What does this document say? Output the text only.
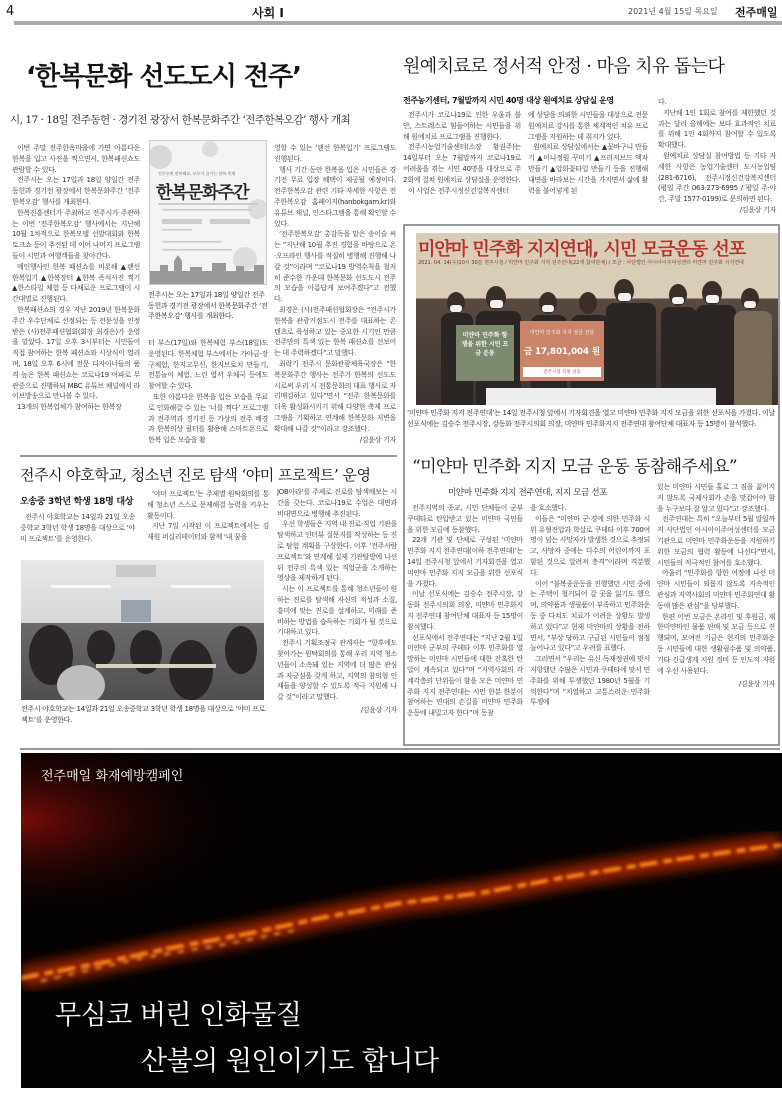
4	사회 I	2021년 4월 15일 목요일 전주매일
‘한복문화 선도도시 전주’
시, 17 · 18일 전주동헌 · 경기전 광장서 한복문화주간 ‘전주한복오감’ 행사 개최

이번 주말 전주한옥마을에 가면 아름다운 한복을 입고 사진을 찍으면서, 한복패션쇼도 관람할 수 있다.

전주시는 오는 17일과 18일 양일간 전주동헌과 경기전 광장에서 한복문화주간 ‘전주한복오감’ 행사를 개최한다.

한복진흥센터가 주최하고 전주시가 주관하는 이번 ‘전주한복오감’ 행사에서는 지난해 10월 1차적으로 한복모델 선발대회와 한복토크쇼 등이 추진된 데 이어 나머지 프로그램들이 시민과 여행객들을 찾아간다.

메인행사인 한복 패션쇼를 비롯해 ▲랜선 한복입기 ▲한복장터 ▲한복 즉석사진 찍기 ▲한스타일 체험 등 다채로운 프로그램이 시간대별로 진행된다.

한복패션쇼의 경우 지난 2019년 한복문화주간 우수단체로 선정되는 등 전문성을 인정받은 (사)전주패션협회(회장 최경은)가 운영을 맡았다. 17일 오후 3시부터는 시민들이 직접 참여하는 한복 패션쇼와 시상식이 열리며, 18일 오후 6시에 전문 디자이너들의 품격 높은 한복 패션쇼는 코로나19 여파로 무관중으로 진행하되 MBC 유튜브 채널에서 라이브방송으로 만나볼 수 있다.

13개의 한복업체가 참여하는 한복장

전주오면 한복해요, 모두가 즐기는 한복 축제
한복문화주간
전주시는 오는 17일과 18일 양일간 전주동헌과 경기전 광장에서 한복문화주간 ‘전주한복오감’ 행사를 개최한다.

터 부스(17일)와 한복체험 부스(18일)도 운영된다. 한복체험 부스에서는 가야금·장구체험, 한지고무신, 한지브로치 만들기, 전통놀이 체험, 느린 엽서 우체국 등에도 참여할 수 있다.

또한 아름다운 한복을 입은 모습을 무료로 인화해갈 수 있는 ‘너를 찍다’ 프로그램과 전주역과 경기전 등 가상의 전주 배경과 한복의상 필터를 활용해 스마트폰으로 한복 입은 모습을 촬

영할 수 있는 ‘랜선 한복입기’ 프로그램도 진행된다.

행사 기간 동안 한복을 입은 시민들은 경기전 무료 입장 혜택이 제공될 예정이다. 전주한복오감 관련 기타 자세한 사항은 전주한복오감 홈페이지(hanbokgam.kr)와 유튜브 채널, 인스타그램을 통해 확인할 수 있다.

‘전주한복오감’ 총감독을 맡은 송이슬 씨는 “지난해 10월 추진 경험을 바탕으로 온·오프라인 행사를 적절히 병행해 진행해 나갈 것”이라며 “코로나19 방역수칙을 철저히 준수한 가운데 한복문화 선도도시 전주의 모습을 아름답게 보여주겠다”고 전했다.

최경은 (사)전주패션협회장은 “전주시가 한복을 관광거점도시 전주를 대표하는 콘텐츠로 육성하고 있는 중요한 시기인 만큼 전주만의 특색 있는 한복 패션쇼를 선보이는 데 주력하겠다”고 말했다.

최락기 전주시 문화관광체육국장은 “한복문화주간 행사는 전주가 한복의 선도도시로써 우리 시 전통문화의 대표 행사로 자리매김하고 있다”면서 “전주 한복문화를 더욱 활성화시키기 위해 다양한 축제 프로그램을 기획하고 연계해 한복문화 저변을 확대해 나갈 것”이라고 강조했다.

/김윤상 기자
원예치료로 정서적 안정 · 마음 치유 돕는다
전주농기센터, 7월말까지 시민 40명 대상 원예치료 상담실 운영

전주시가 코로나19로 인한 우울과 불안, 스트레스로 힘들어하는 시민들을 위해 원예치료 프로그램을 진행한다.

전주시농업기술센터(소장 황권주)는 14일부터 오는 7월말까지 코로나19로 어려움을 겪는 시민 40명을 대상으로 주 2회에 걸쳐 원예치료 상담실을 운영한다.

이 사업은 전주시정신건강복지센터

에 상담을 의뢰한 시민들을 대상으로 전문 원예치료 강사를 통한 체계적인 치유 프로그램을 지원하는 데 취지가 있다.

원예치료 상담실에서는 ▲꽃바구니 만들기 ▲미니정원 꾸미기 ▲프리저브드 액자 만들기 ▲압화꽃타일 만들기 등을 진행해 내면을 바라보는 시간을 가지면서 삶에 활력을 불어넣게 된

다.

지난해 1인 1회로 참여를 제한했던 것과는 달리 올해에는 보다 효과적인 치료를 위해 1인 4회까지 참여할 수 있도록 확대했다.

원예치료 상담실 참여방법 등 기타 자세한 사항은 농업기술센터 도시농업팀(281-6716), 전주시정신건강복지센터(평일 주간 063-273-6995 / 평일 주·야간, 주말 1577-0199)로 문의하면 된다.

/김윤상 기자
미얀마 민주화 지지연대, 시민 모금운동 선포
2021. 04. 14(수)10시 30분 전주시청 / 미얀마 민주화 지지 전주연대(22개 참여단체) / 모금 : 사단법인 아시아이주여성센터 미얀마 민주화 지지연대
미얀마 민주화 항쟁을 위한 시민 모금 운동
미얀마 민주화 지지 성금 전달
금 17,801,004 원
전주시청 직원 일동
‘미얀마 민주화 지지 전주연대’는 14일 전주시청 앞에서 기자회견을 열고 미얀마 민주화 지지 모금을 위한 선포식을 가졌다. 이날 선포식에는 김승수 전주시장, 강동화 전주시의회 의장, 미얀마 민주화지지 전주연대 참여단체 대표자 등 15명이 참석했다.
“미얀마 민주화 지지 모금 운동 동참해주세요”
미얀마 민주화 지지 전주연대, 지지 모금 선포

전주지역의 종교, 시민 단체들이 군부 쿠데타로 탄압받고 있는 미얀마 국민들을 위한 모금에 동참했다.

22개 기관 및 단체로 구성된 ‘미얀마 민주화 지지 전주연대(이하 전주연대)’는 14일 전주시청 앞에서 기자회견을 열고 미얀마 민주화 지지 모금을 위한 선포식을 가졌다.

이날 선포식에는 김승수 전주시장, 강동화 전주시의회 의장, 미얀마 민주화지지 전주연대 참여단체 대표자 등 15명이 참석했다.

선포식에서 전주연대는 “지난 2월 1일 미얀마 군부의 쿠데타 이후 민주화를 열망하는 미얀마 시민들에 대한 잔혹한 탄압이 계속되고 있다”며 “지역사회의 각계각층의 단위들이 함을 모은 미얀마 민주화 지지 전주연대는 시민 한분 한분이 참여하는 연대의 손길을 미얀마 민주화운동에 내밀고자 한다”며 동참

을 호소했다.

이들은 “미얀마 군·경에 의한 민주화 시위 유혈진압과 학살로 쿠데타 이후 700여명이 넘는 사망자가 발생한 것으로 추정되고, 사망자 중에는 다수의 어린이까지 포함된 것으로 알려져 충격”이라며 격분했다.

이어 “불복종운동을 진행했던 시민 중에는 주택이 철거되어 갈 곳을 잃기도 했으며, 의약품과 생필품이 부족하고 민주화운동 중 다쳐도 치료가 어려운 상황도 발생하고 있다”고 현재 미얀마의 상황을 전하면서, “부상 당하고 구금된 시민들이 점점 늘어나고 있다”고 우려를 표했다.

그러면서 “우리는 유신 독재정권에 맞서 저항했던 수많은 시민과 쿠데타에 맞서 민주화를 위해 투쟁했던 1980년 5월을 기억한다”며 “치열하고 고통스러운 민주화 투쟁에

있는 미얀마 시민들 홀로 그 짐을 짊어지지 않도록 국제사회가 손을 맞잡아야 함을 누구보다 잘 알고 있다”고 강조했다.

전주연대는 특히 “오늘부터 5월 말일까지 사단법인 아시아이주여성센터를 모금기관으로 미얀마 민주화운동을 지원하기 위한 모금의 협력 활동에 나선다”면서, 시민들의 적극적인 참여를 호소했다.

아울러 “민주화를 향한 여정에 나선 미얀마 시민들이 외롭지 않도록 지속적인 관심과 지역사회의 미얀마 민주화연대 활동에 많은 관심”을 당부했다.

한편 이번 모금은 온라인 및 후원금, 재한미얀마인 물품 판매 및 모금 등으로 진행되며, 모여진 기금은 현지의 민주화운동 시민들에 대한 생활필수품 및 의약품, 기타 긴급생계 지원 경비 등 인도적 지원에 우선 사용된다.

/김윤상 기자
전주시 야호학교, 청소년 진로 탐색 ‘야미 프로젝트’ 운영
오송중 3학년 학생 18명 대상

전주시 야호학교는 14일과 21일 오송중학교 3학년 학생 18명을 대상으로 ‘야미 프로젝트’를 운영한다.

‘야미 프로젝트’는 주제별 원탁회의를 통해 청소년 스스로 문제해결 능력을 키우는 활동이다.

지난 7일 시작된 이 프로젝트에서는 김재원 퍼실리테이터와 함께 ‘내 꿈을

전주시 야호학교는 14일과 21일 오송중학교 3학년 학생 18명을 대상으로 ‘야미 프로젝트’를 운영한다.

JOB아라’를 주제로 진로를 탐색해보는 시간을 갖는다. 코로나19로 수업은 대면과 비대면으로 병행해 추진된다.

우선 학생들은 지역 내 진로·직업 기관을 탐색하고 인터뷰 질문지를 작성하는 등 진로 탐험 계획을 구상한다. 이후 ‘전주사람 프로젝트’와 연계해 실제 기관탐방에 나선 뒤 전주의 특색 있는 직업군을 소개하는 영상을 제작하게 된다.

시는 이 프로젝트를 통해 청소년들이 원하는 진로를 탐색해 자신의 적성과 소질, 흥미에 맞는 진로를 설계하고, 미래를 준비하는 방법을 습득하는 기회가 될 것으로 기대하고 있다.

전주시 기획조정국 관계자는 “향후에도 찾아가는 원탁회의를 통해 우리 지역 청소년들이 소속돼 있는 지역에 더 많은 관심과 자긍심을 갖게 하고, 지역의 참의형 인재들을 양성할 수 있도록 적극 지원해 나갈 것”이라고 말했다.

/김윤상 기자
전주매일 화재예방캠페인
무심코 버린 인화물질
산불의 원인이기도 합니다
